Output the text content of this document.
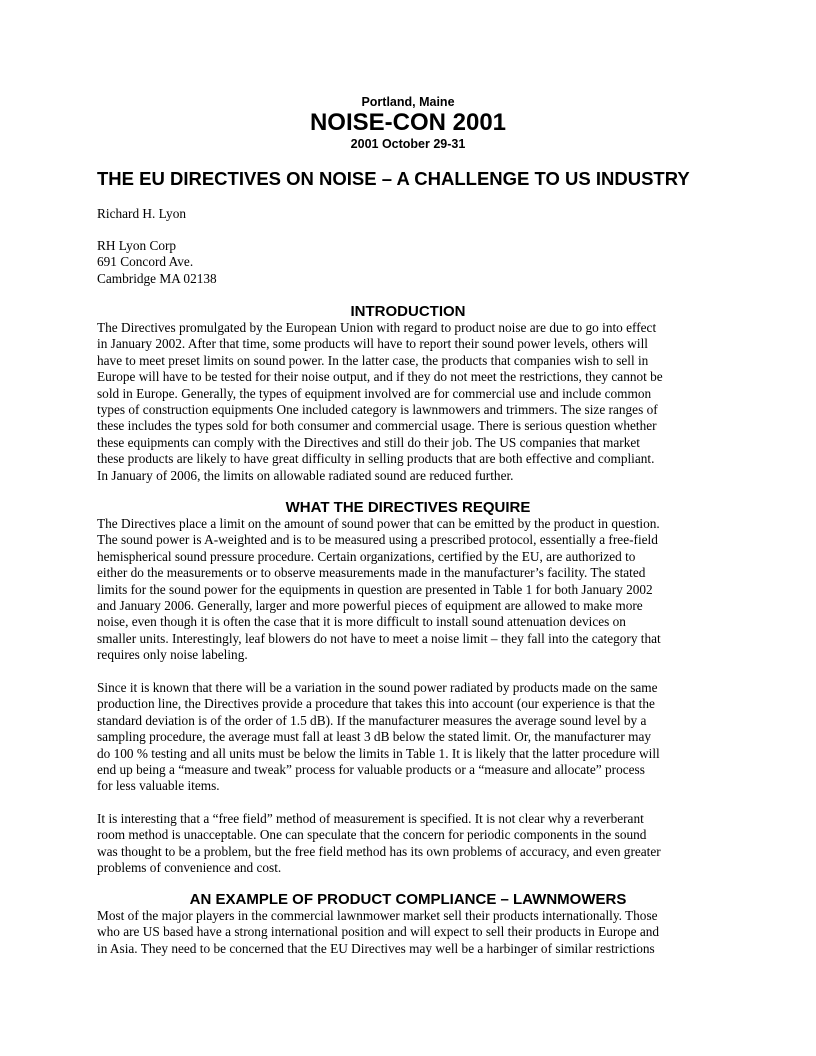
Portland, Maine
NOISE-CON 2001
2001 October 29-31
THE EU DIRECTIVES ON NOISE – A CHALLENGE TO US INDUSTRY
Richard H. Lyon
RH Lyon Corp
691 Concord Ave.
Cambridge MA 02138
INTRODUCTION
The Directives promulgated by the European Union with regard to product noise are due to go into effect
in January 2002. After that time, some products will have to report their sound power levels, others will
have to meet preset limits on sound power. In the latter case, the products that companies wish to sell in
Europe will have to be tested for their noise output, and if they do not meet the restrictions, they cannot be
sold in Europe. Generally, the types of equipment involved are for commercial use and include common
types of construction equipments One included category is lawnmowers and trimmers. The size ranges of
these includes the types sold for both consumer and commercial usage. There is serious question whether
these equipments can comply with the Directives and still do their job. The US companies that market
these products are likely to have great difficulty in selling products that are both effective and compliant.
In January of 2006, the limits on allowable radiated sound are reduced further.
WHAT THE DIRECTIVES REQUIRE
The Directives place a limit on the amount of sound power that can be emitted by the product in question.
The sound power is A-weighted and is to be measured using a prescribed protocol, essentially a free-field
hemispherical sound pressure procedure. Certain organizations, certified by the EU, are authorized to
either do the measurements or to observe measurements made in the manufacturer’s facility. The stated
limits for the sound power for the equipments in question are presented in Table 1 for both January 2002
and January 2006. Generally, larger and more powerful pieces of equipment are allowed to make more
noise, even though it is often the case that it is more difficult to install sound attenuation devices on
smaller units. Interestingly, leaf blowers do not have to meet a noise limit – they fall into the category that
requires only noise labeling.
Since it is known that there will be a variation in the sound power radiated by products made on the same
production line, the Directives provide a procedure that takes this into account (our experience is that the
standard deviation is of the order of 1.5 dB). If the manufacturer measures the average sound level by a
sampling procedure, the average must fall at least 3 dB below the stated limit. Or, the manufacturer may
do 100 % testing and all units must be below the limits in Table 1. It is likely that the latter procedure will
end up being a “measure and tweak” process for valuable products or a “measure and allocate” process
for less valuable items.
It is interesting that a “free field” method of measurement is specified. It is not clear why a reverberant
room method is unacceptable. One can speculate that the concern for periodic components in the sound
was thought to be a problem, but the free field method has its own problems of accuracy, and even greater
problems of convenience and cost.
AN EXAMPLE OF PRODUCT COMPLIANCE – LAWNMOWERS
Most of the major players in the commercial lawnmower market sell their products internationally. Those
who are US based have a strong international position and will expect to sell their products in Europe and
in Asia. They need to be concerned that the EU Directives may well be a harbinger of similar restrictions
